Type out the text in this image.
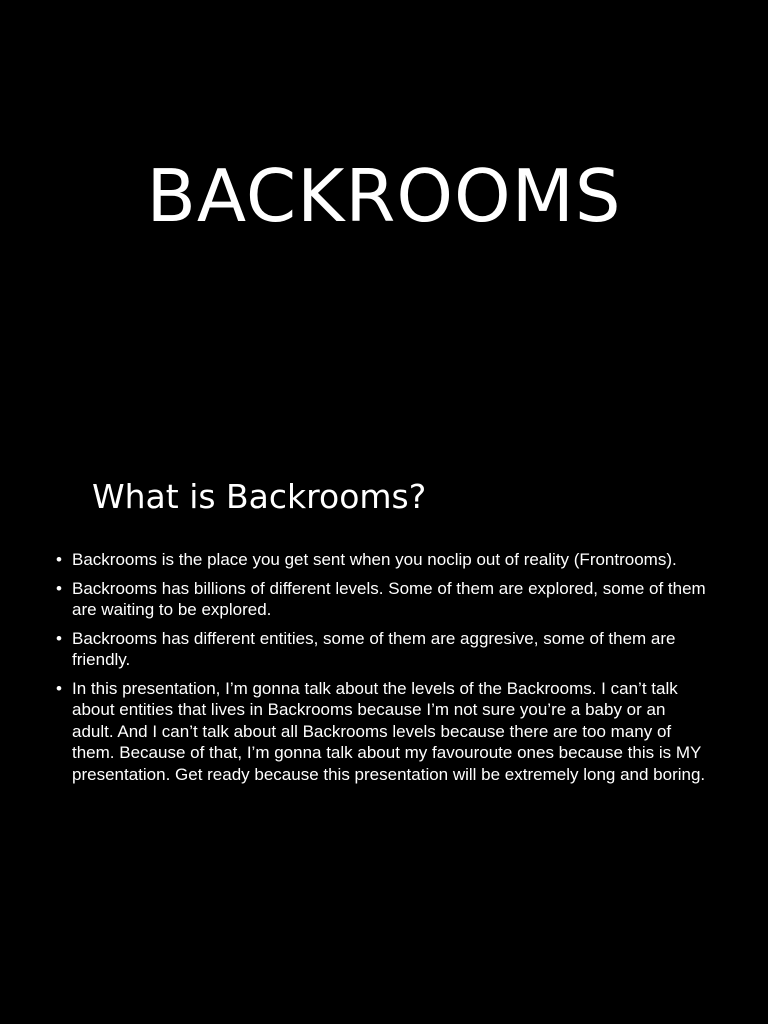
BACKROOMS
What is Backrooms?
• Backrooms is the place you get sent when you noclip out of reality (Frontrooms).
• Backrooms has billions of different levels. Some of them are explored, some of them are waiting to be explored.
• Backrooms has different entities, some of them are aggresive, some of them are friendly.
• In this presentation, I’m gonna talk about the levels of the Backrooms. I can’t talk about entities that lives in Backrooms because I’m not sure you’re a baby or an adult. And I can’t talk about all Backrooms levels because there are too many of them. Because of that, I’m gonna talk about my favouroute ones because this is MY presentation. Get ready because this presentation will be extremely long and boring.
